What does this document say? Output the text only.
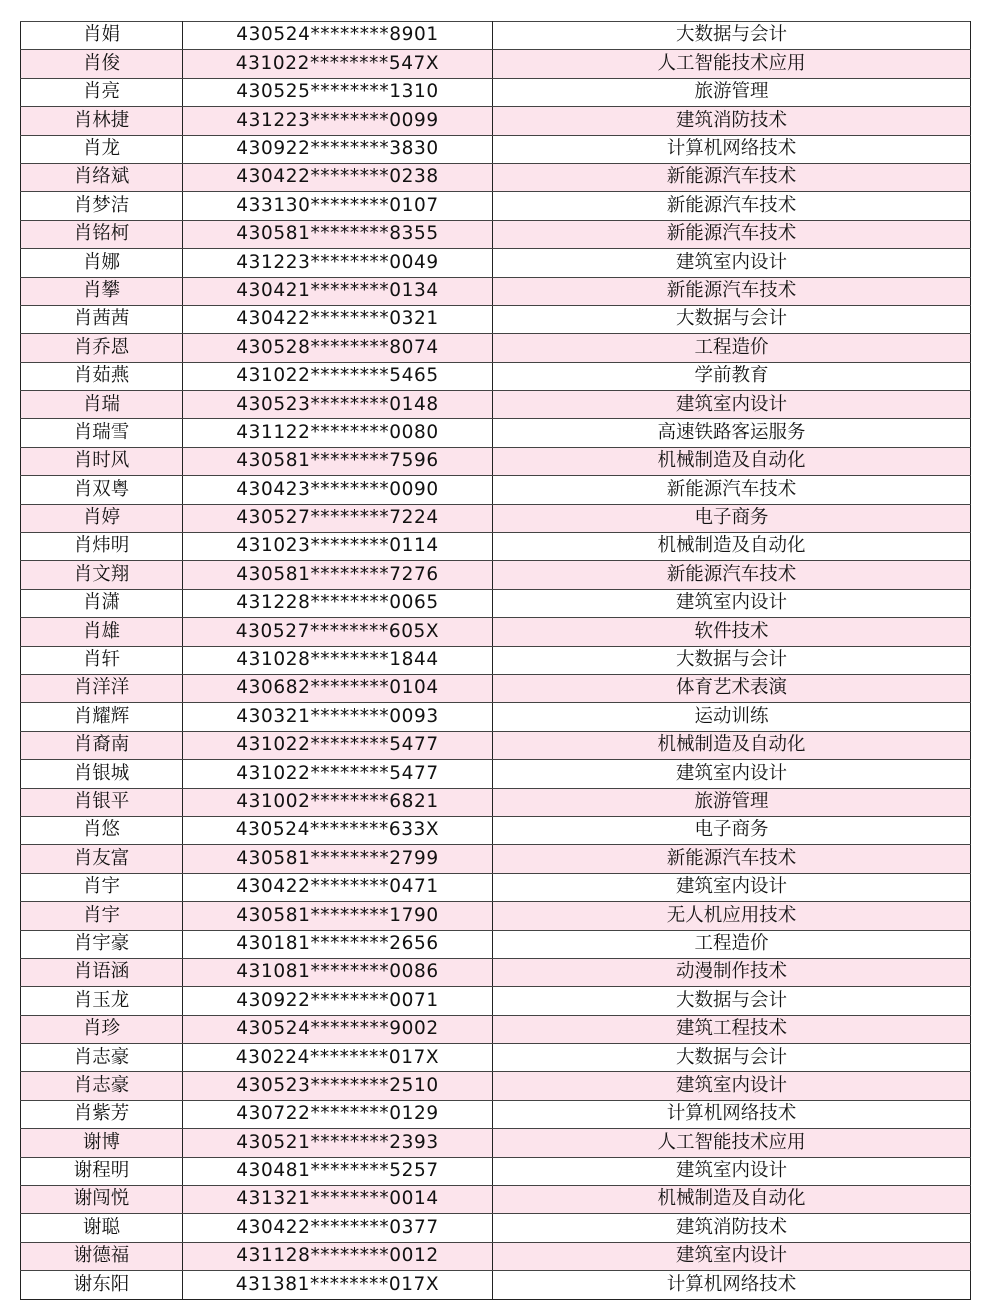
肖娟	430524********8901	大数据与会计
肖俊	431022********547X	人工智能技术应用
肖亮	430525********1310	旅游管理
肖林捷	431223********0099	建筑消防技术
肖龙	430922********3830	计算机网络技术
肖络斌	430422********0238	新能源汽车技术
肖梦洁	433130********0107	新能源汽车技术
肖铭柯	430581********8355	新能源汽车技术
肖娜	431223********0049	建筑室内设计
肖攀	430421********0134	新能源汽车技术
肖茜茜	430422********0321	大数据与会计
肖乔恩	430528********8074	工程造价
肖茹燕	431022********5465	学前教育
肖瑞	430523********0148	建筑室内设计
肖瑞雪	431122********0080	高速铁路客运服务
肖时风	430581********7596	机械制造及自动化
肖双粤	430423********0090	新能源汽车技术
肖婷	430527********7224	电子商务
肖炜明	431023********0114	机械制造及自动化
肖文翔	430581********7276	新能源汽车技术
肖潇	431228********0065	建筑室内设计
肖雄	430527********605X	软件技术
肖轩	431028********1844	大数据与会计
肖洋洋	430682********0104	体育艺术表演
肖耀辉	430321********0093	运动训练
肖裔南	431022********5477	机械制造及自动化
肖银城	431022********5477	建筑室内设计
肖银平	431002********6821	旅游管理
肖悠	430524********633X	电子商务
肖友富	430581********2799	新能源汽车技术
肖宇	430422********0471	建筑室内设计
肖宇	430581********1790	无人机应用技术
肖宇豪	430181********2656	工程造价
肖语涵	431081********0086	动漫制作技术
肖玉龙	430922********0071	大数据与会计
肖珍	430524********9002	建筑工程技术
肖志豪	430224********017X	大数据与会计
肖志豪	430523********2510	建筑室内设计
肖紫芳	430722********0129	计算机网络技术
谢博	430521********2393	人工智能技术应用
谢程明	430481********5257	建筑室内设计
谢闯悦	431321********0014	机械制造及自动化
谢聪	430422********0377	建筑消防技术
谢德福	431128********0012	建筑室内设计
谢东阳	431381********017X	计算机网络技术
